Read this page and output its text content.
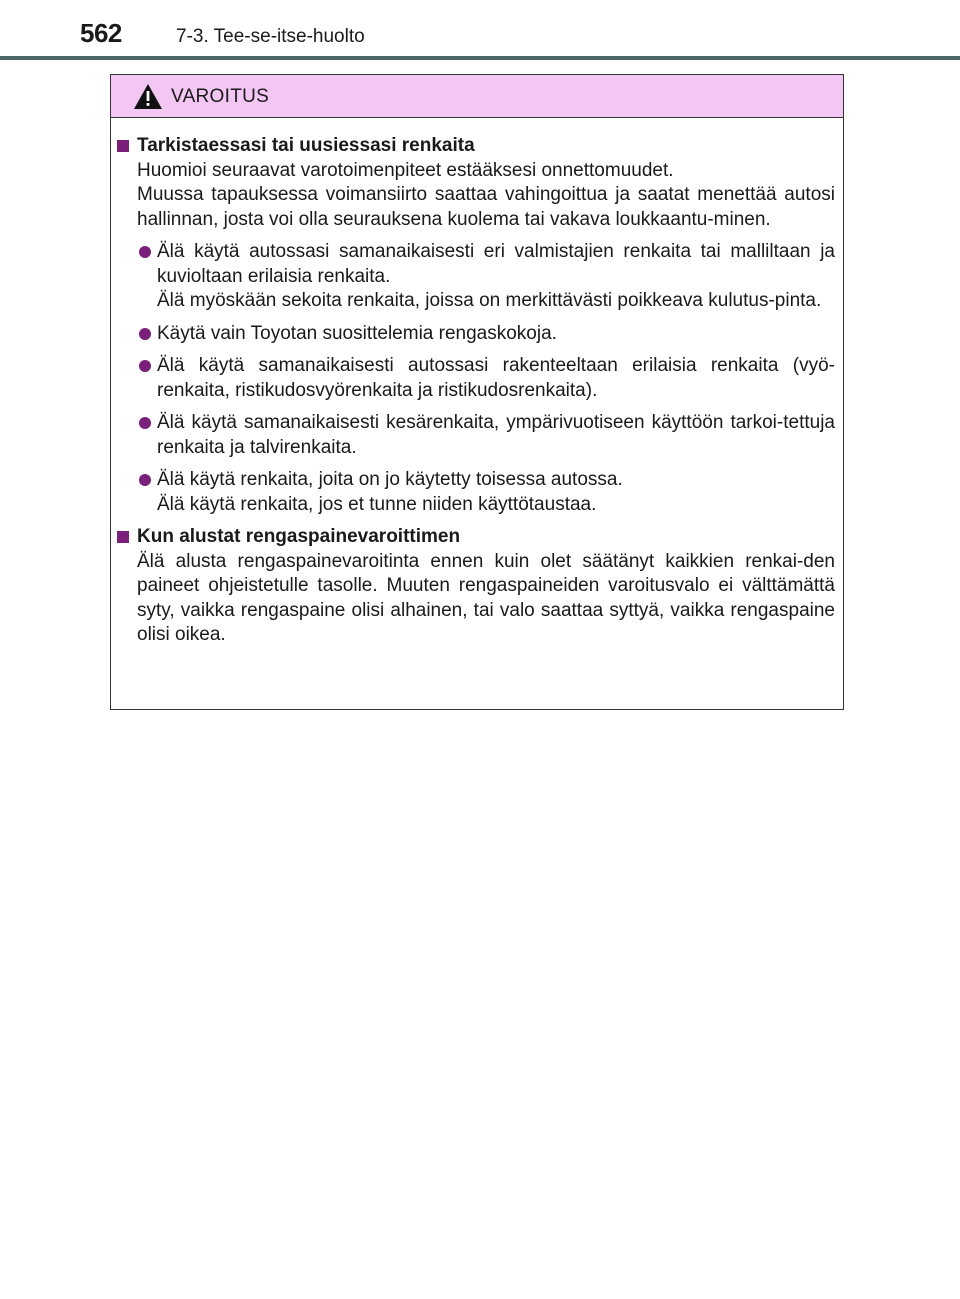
562	7-3. Tee-se-itse-huolto
VAROITUS
Tarkistaessasi tai uusiessasi renkaita

Huomioi seuraavat varotoimenpiteet estääksesi onnettomuudet.

Muussa tapauksessa voimansiirto saattaa vahingoittua ja saatat menettää autosi hallinnan, josta voi olla seurauksena kuolema tai vakava loukkaantu-minen.

Älä käytä autossasi samanaikaisesti eri valmistajien renkaita tai malliltaan ja kuvioltaan erilaisia renkaita.

Älä myöskään sekoita renkaita, joissa on merkittävästi poikkeava kulutus-pinta.

Käytä vain Toyotan suosittelemia rengaskokoja.

Älä käytä samanaikaisesti autossasi rakenteeltaan erilaisia renkaita (vyö-renkaita, ristikudosvyörenkaita ja ristikudosrenkaita).

Älä käytä samanaikaisesti kesärenkaita, ympärivuotiseen käyttöön tarkoi-tettuja renkaita ja talvirenkaita.

Älä käytä renkaita, joita on jo käytetty toisessa autossa.

Älä käytä renkaita, jos et tunne niiden käyttötaustaa.

Kun alustat rengaspainevaroittimen

Älä alusta rengaspainevaroitinta ennen kuin olet säätänyt kaikkien renkai-den paineet ohjeistetulle tasolle. Muuten rengaspaineiden varoitusvalo ei välttämättä syty, vaikka rengaspaine olisi alhainen, tai valo saattaa syttyä, vaikka rengaspaine olisi oikea.
